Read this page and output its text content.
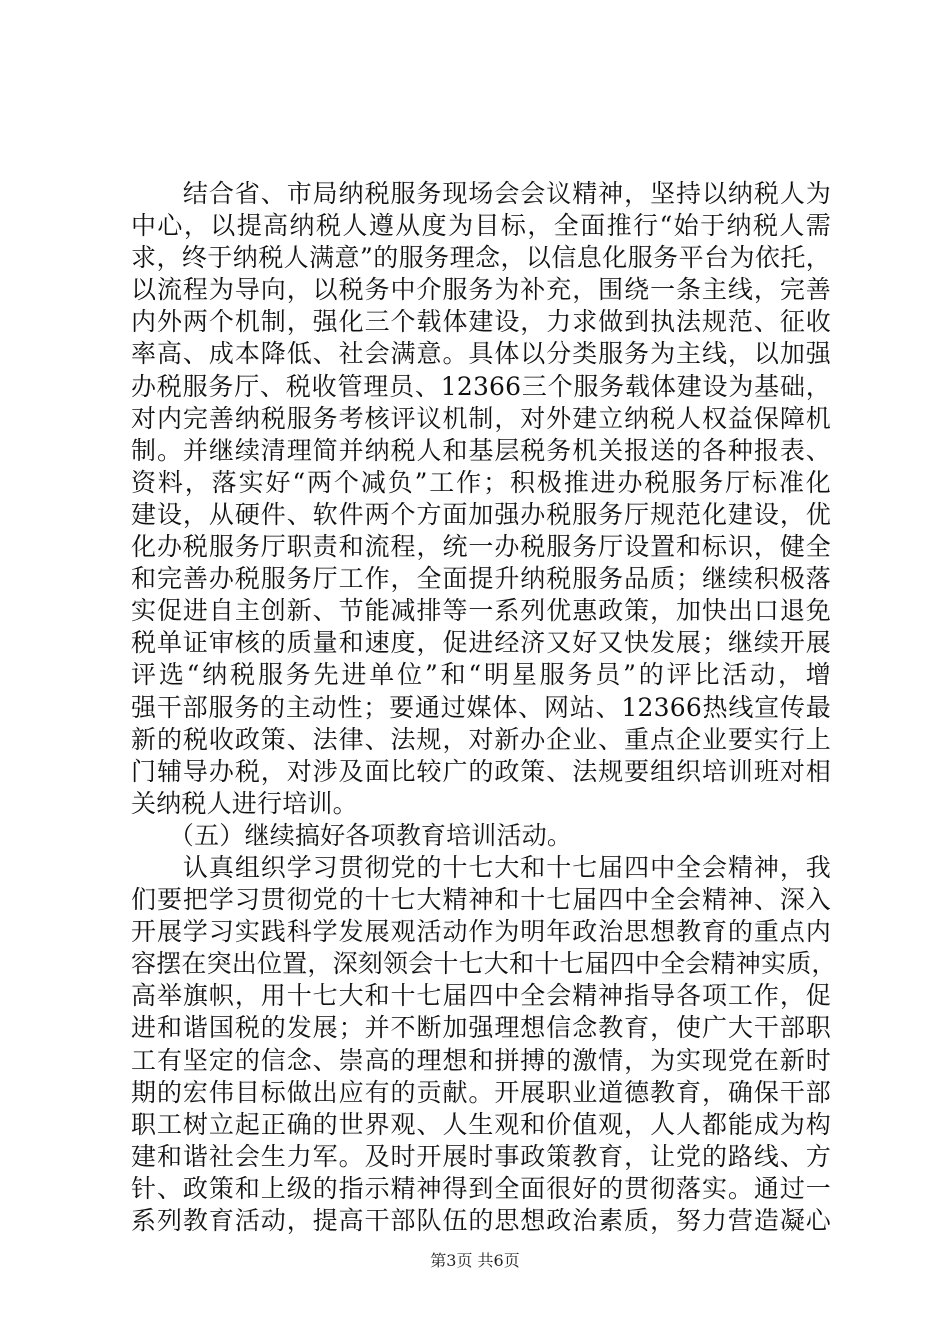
　　结合省、市局纳税服务现场会会议精神，坚持以纳税人为
中心，以提高纳税人遵从度为目标，全面推行“始于纳税人需
求，终于纳税人满意”的服务理念，以信息化服务平台为依托，
以流程为导向，以税务中介服务为补充，围绕一条主线，完善
内外两个机制，强化三个载体建设，力求做到执法规范、征收
率高、成本降低、社会满意。具体以分类服务为主线，以加强
办税服务厅、税收管理员、12366三个服务载体建设为基础，
对内完善纳税服务考核评议机制，对外建立纳税人权益保障机
制。并继续清理简并纳税人和基层税务机关报送的各种报表、
资料，落实好“两个减负”工作；积极推进办税服务厅标准化
建设，从硬件、软件两个方面加强办税服务厅规范化建设，优
化办税服务厅职责和流程，统一办税服务厅设置和标识，健全
和完善办税服务厅工作，全面提升纳税服务品质；继续积极落
实促进自主创新、节能减排等一系列优惠政策，加快出口退免
税单证审核的质量和速度，促进经济又好又快发展；继续开展
评选“纳税服务先进单位”和“明星服务员”的评比活动，增
强干部服务的主动性；要通过媒体、网站、12366热线宣传最
新的税收政策、法律、法规，对新办企业、重点企业要实行上
门辅导办税，对涉及面比较广的政策、法规要组织培训班对相
关纳税人进行培训。
　　（五）继续搞好各项教育培训活动。
　　认真组织学习贯彻党的十七大和十七届四中全会精神，我
们要把学习贯彻党的十七大精神和十七届四中全会精神、深入
开展学习实践科学发展观活动作为明年政治思想教育的重点内
容摆在突出位置，深刻领会十七大和十七届四中全会精神实质，
高举旗帜，用十七大和十七届四中全会精神指导各项工作，促
进和谐国税的发展；并不断加强理想信念教育，使广大干部职
工有坚定的信念、崇高的理想和拼搏的激情，为实现党在新时
期的宏伟目标做出应有的贡献。开展职业道德教育，确保干部
职工树立起正确的世界观、人生观和价值观，人人都能成为构
建和谐社会生力军。及时开展时事政策教育，让党的路线、方
针、政策和上级的指示精神得到全面很好的贯彻落实。通过一
系列教育活动，提高干部队伍的思想政治素质，努力营造凝心
第3页 共6页
